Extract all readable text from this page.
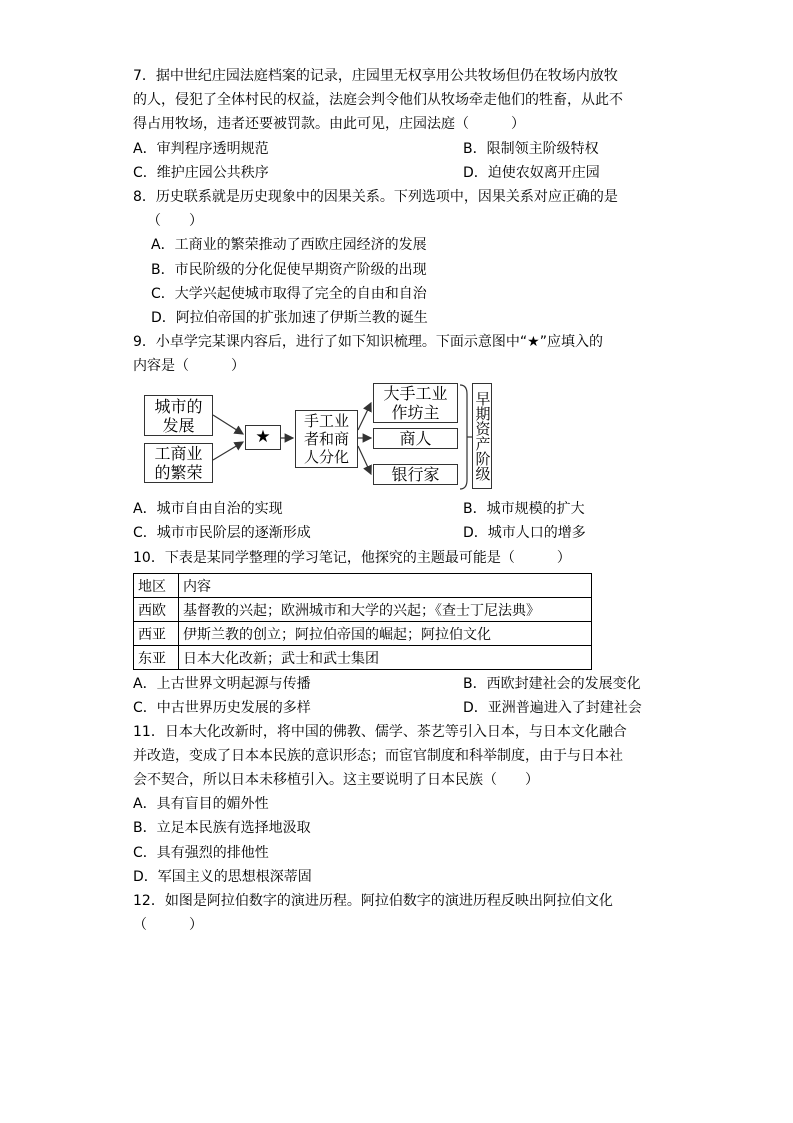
7．据中世纪庄园法庭档案的记录，庄园里无权享用公共牧场但仍在牧场内放牧
的人，侵犯了全体村民的权益，法庭会判令他们从牧场牵走他们的牲畜，从此不
得占用牧场，违者还要被罚款。由此可见，庄园法庭（　　　）
A．审判程序透明规范	B．限制领主阶级特权
C．维护庄园公共秩序	D．迫使农奴离开庄园
8．历史联系就是历史现象中的因果关系。下列选项中，因果关系对应正确的是
（　　）
A．工商业的繁荣推动了西欧庄园经济的发展
B．市民阶级的分化促使早期资产阶级的出现
C．大学兴起使城市取得了完全的自由和自治
D．阿拉伯帝国的扩张加速了伊斯兰教的诞生
9．小卓学完某课内容后，进行了如下知识梳理。下面示意图中“★”应填入的
内容是（　　　）
城市的
发展
工商业
的繁荣
★
手工业
者和商
人分化
大手工业
作坊主
商人
银行家 早期资产阶级
A．城市自由自治的实现	B．城市规模的扩大
C．城市市民阶层的逐渐形成	D．城市人口的增多
10．下表是某同学整理的学习笔记，他探究的主题最可能是（　　　）
地区	内容
西欧	基督教的兴起；欧洲城市和大学的兴起；《查士丁尼法典》
西亚	伊斯兰教的创立；阿拉伯帝国的崛起；阿拉伯文化
东亚	日本大化改新；武士和武士集团
A．上古世界文明起源与传播	B．西欧封建社会的发展变化
C．中古世界历史发展的多样	D．亚洲普遍进入了封建社会
11．日本大化改新时，将中国的佛教、儒学、茶艺等引入日本，与日本文化融合
并改造，变成了日本本民族的意识形态；而宦官制度和科举制度，由于与日本社
会不契合，所以日本未移植引入。这主要说明了日本民族（　　）
A．具有盲目的媚外性
B．立足本民族有选择地汲取
C．具有强烈的排他性
D．军国主义的思想根深蒂固
12．如图是阿拉伯数字的演进历程。阿拉伯数字的演进历程反映出阿拉伯文化
（　　　）
